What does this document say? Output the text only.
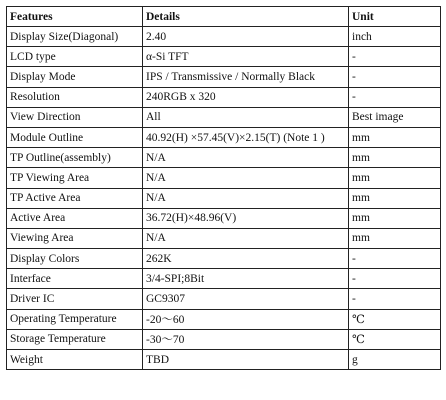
Features	Details	Unit
Display Size(Diagonal)	2.40	inch
LCD type	α-Si TFT	-
Display Mode	IPS / Transmissive / Normally Black	-
Resolution	240RGB x 320	-
View Direction	All	Best image
Module Outline	40.92(H) ×57.45(V)×2.15(T) (Note 1 )	mm
TP Outline(assembly)	N/A	mm
TP Viewing Area	N/A	mm
TP Active Area	N/A	mm
Active Area	36.72(H)×48.96(V)	mm
Viewing Area	N/A	mm
Display Colors	262K	-
Interface	3/4-SPI;8Bit	-
Driver IC	GC9307	-
Operating Temperature	-20～60	℃
Storage Temperature	-30～70	℃
Weight	TBD	g
